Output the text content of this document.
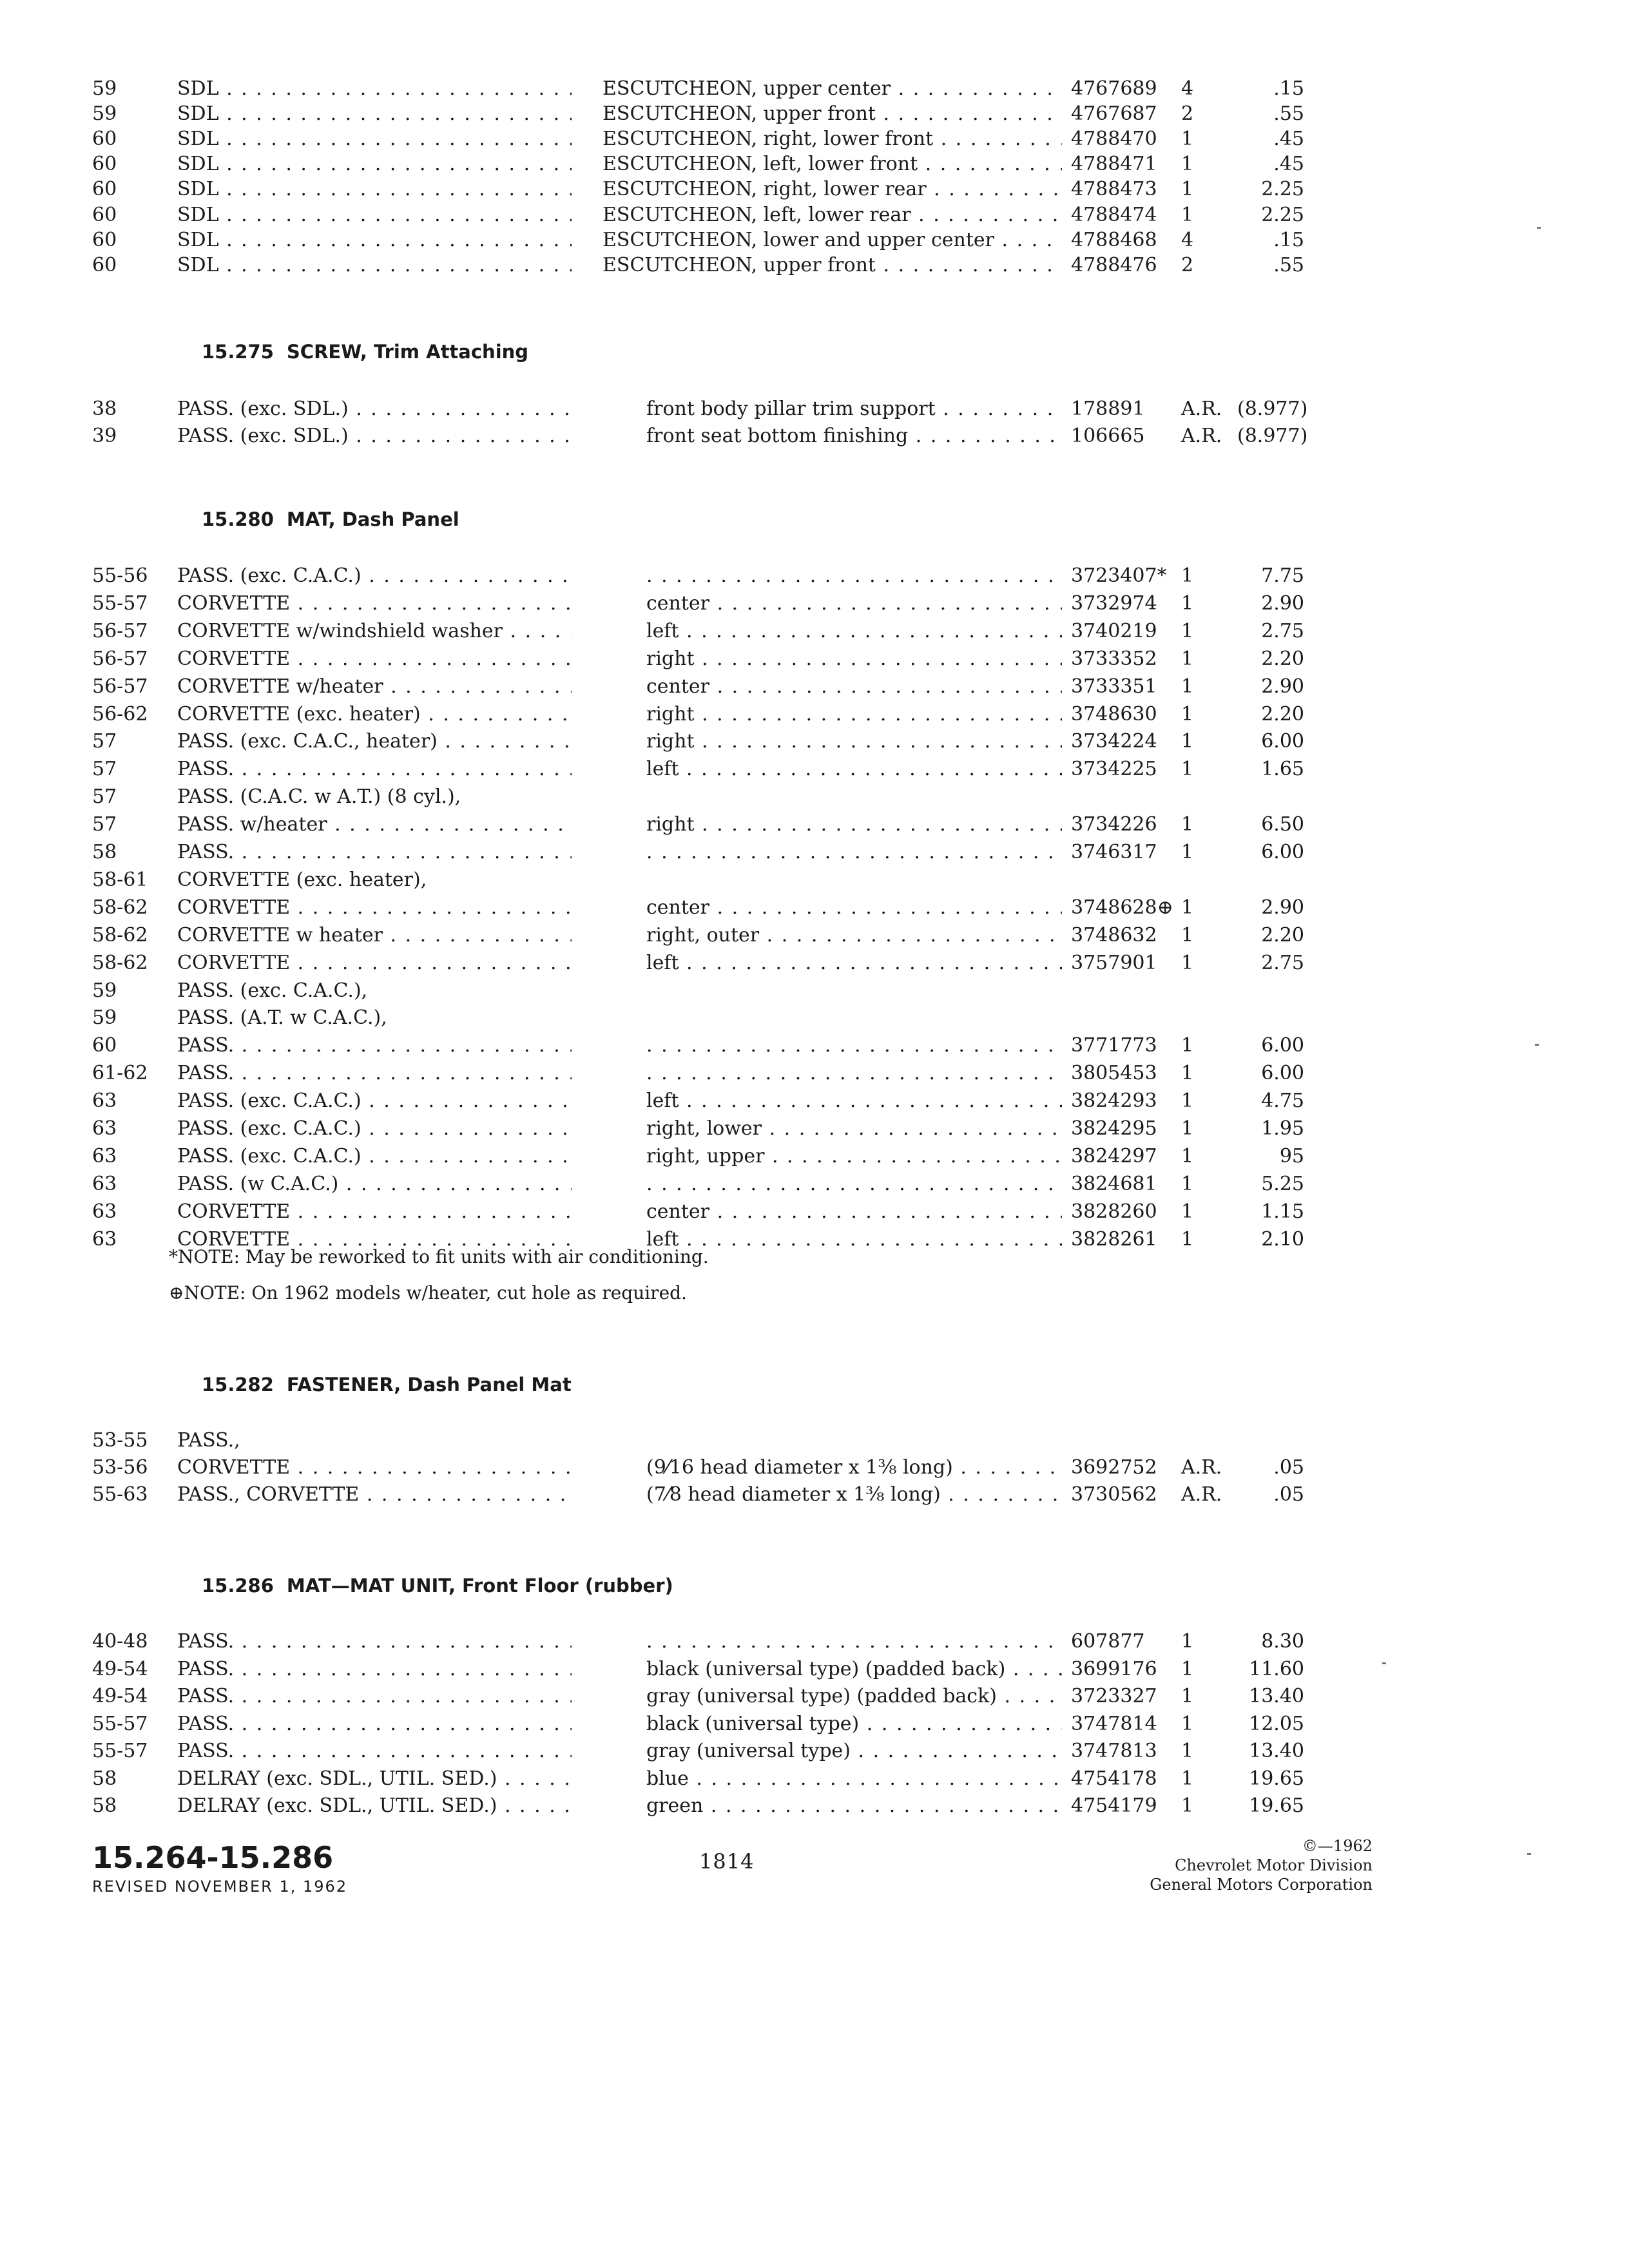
59	SDL . . .	ESCUTCHEON, upper center . . .	4767689 4	.15
59	SDL . . .	ESCUTCHEON, upper front . . .	4767687 2	.55
60	SDL . . .	ESCUTCHEON, right, lower front . . .	4788470 1	.45
60	SDL . . .	ESCUTCHEON, left, lower front . . .	4788471 1	.45
60	SDL . . .	ESCUTCHEON, right, lower rear . . .	4788473 1	2.25
60	SDL . . .	ESCUTCHEON, left, lower rear . . .	4788474 1	2.25
60	SDL . . .	ESCUTCHEON, lower and upper center . . .	4788468 4	.15
60	SDL . . .	ESCUTCHEON, upper front . . .	4788476 2	.55
15.275 SCREW, Trim Attaching
38	PASS. (exc. SDL.) . . .	front body pillar trim support . . .	178891 A.R. (8.977)
39	PASS. (exc. SDL.) . . .	front seat bottom finishing . . .	106665 A.R. (8.977)
15.280 MAT, Dash Panel
55-56 PASS. (exc. C.A.C.) . . . . . .	3723407* 1	7.75
55-57 CORVETTE . . .	center . . .	3732974 1	2.90
56-57 CORVETTE w/windshield washer . . .	left . . .	3740219 1	2.75
56-57 CORVETTE . . .	right . . .	3733352 1	2.20
56-57 CORVETTE w/heater . . .	center . . .	3733351 1	2.90
56-62 CORVETTE (exc. heater) . . .	right . . .	3748630 1	2.20
57	PASS. (exc. C.A.C., heater) . . .	right . . .	3734224 1	6.00
57	PASS. . . .	left . . .	3734225 1	1.65
57	PASS. (C.A.C. w A.T.) (8 cyl.),
57	PASS. w/heater . . .	right . . .	3734226 1	6.50
58	PASS. . . . . . .	3746317 1	6.00
58-61 CORVETTE (exc. heater),
58-62 CORVETTE . . .	center . . .	3748628⊕ 1	2.90
58-62 CORVETTE w heater . . .	right, outer . . .	3748632 1	2.20
58-62 CORVETTE . . .	left . . .	3757901 1	2.75
59	PASS. (exc. C.A.C.),
59	PASS. (A.T. w C.A.C.),
60	PASS. . . . . . .	3771773 1	6.00
61-62 PASS. . . . . . .	3805453 1	6.00
63	PASS. (exc. C.A.C.) . . .	left . . .	3824293 1	4.75
63	PASS. (exc. C.A.C.) . . .	right, lower . . .	3824295 1	1.95
63	PASS. (exc. C.A.C.) . . .	right, upper . . .	3824297 1	95
63	PASS. (w C.A.C.) . . . . . .	3824681 1	5.25
63	CORVETTE . . .	center . . .	3828260 1	1.15
63	CORVETTE . . .	left . . .	3828261 1	2.10
*NOTE: May be reworked to fit units with air conditioning.
⊕NOTE: On 1962 models w/heater, cut hole as required.
15.282 FASTENER, Dash Panel Mat
53-55 PASS.,
53-56 CORVETTE . . .	(9⁄16 head diameter x 1⅜ long) . . .	3692752 A.R.	.05
55-63 PASS., CORVETTE . . .	(7⁄8 head diameter x 1⅜ long) . . .	3730562 A.R.	.05
15.286 MAT—MAT UNIT, Front Floor (rubber)
40-48 PASS. . . . . . .	607877 1	8.30
49-54 PASS. . . .	black (universal type) (padded back) . . .	3699176 1	11.60
49-54 PASS. . . .	gray (universal type) (padded back) . . .	3723327 1	13.40
55-57 PASS. . . .	black (universal type) . . .	3747814 1	12.05
55-57 PASS. . . .	gray (universal type) . . .	3747813 1	13.40
58	DELRAY (exc. SDL., UTIL. SED.) . . .	blue . . .	4754178 1	19.65
58	DELRAY (exc. SDL., UTIL. SED.) . . .	green . . .	4754179 1	19.65
15.264-15.286
REVISED NOVEMBER 1, 1962
1814
©—1962
Chevrolet Motor Division
General Motors Corporation
